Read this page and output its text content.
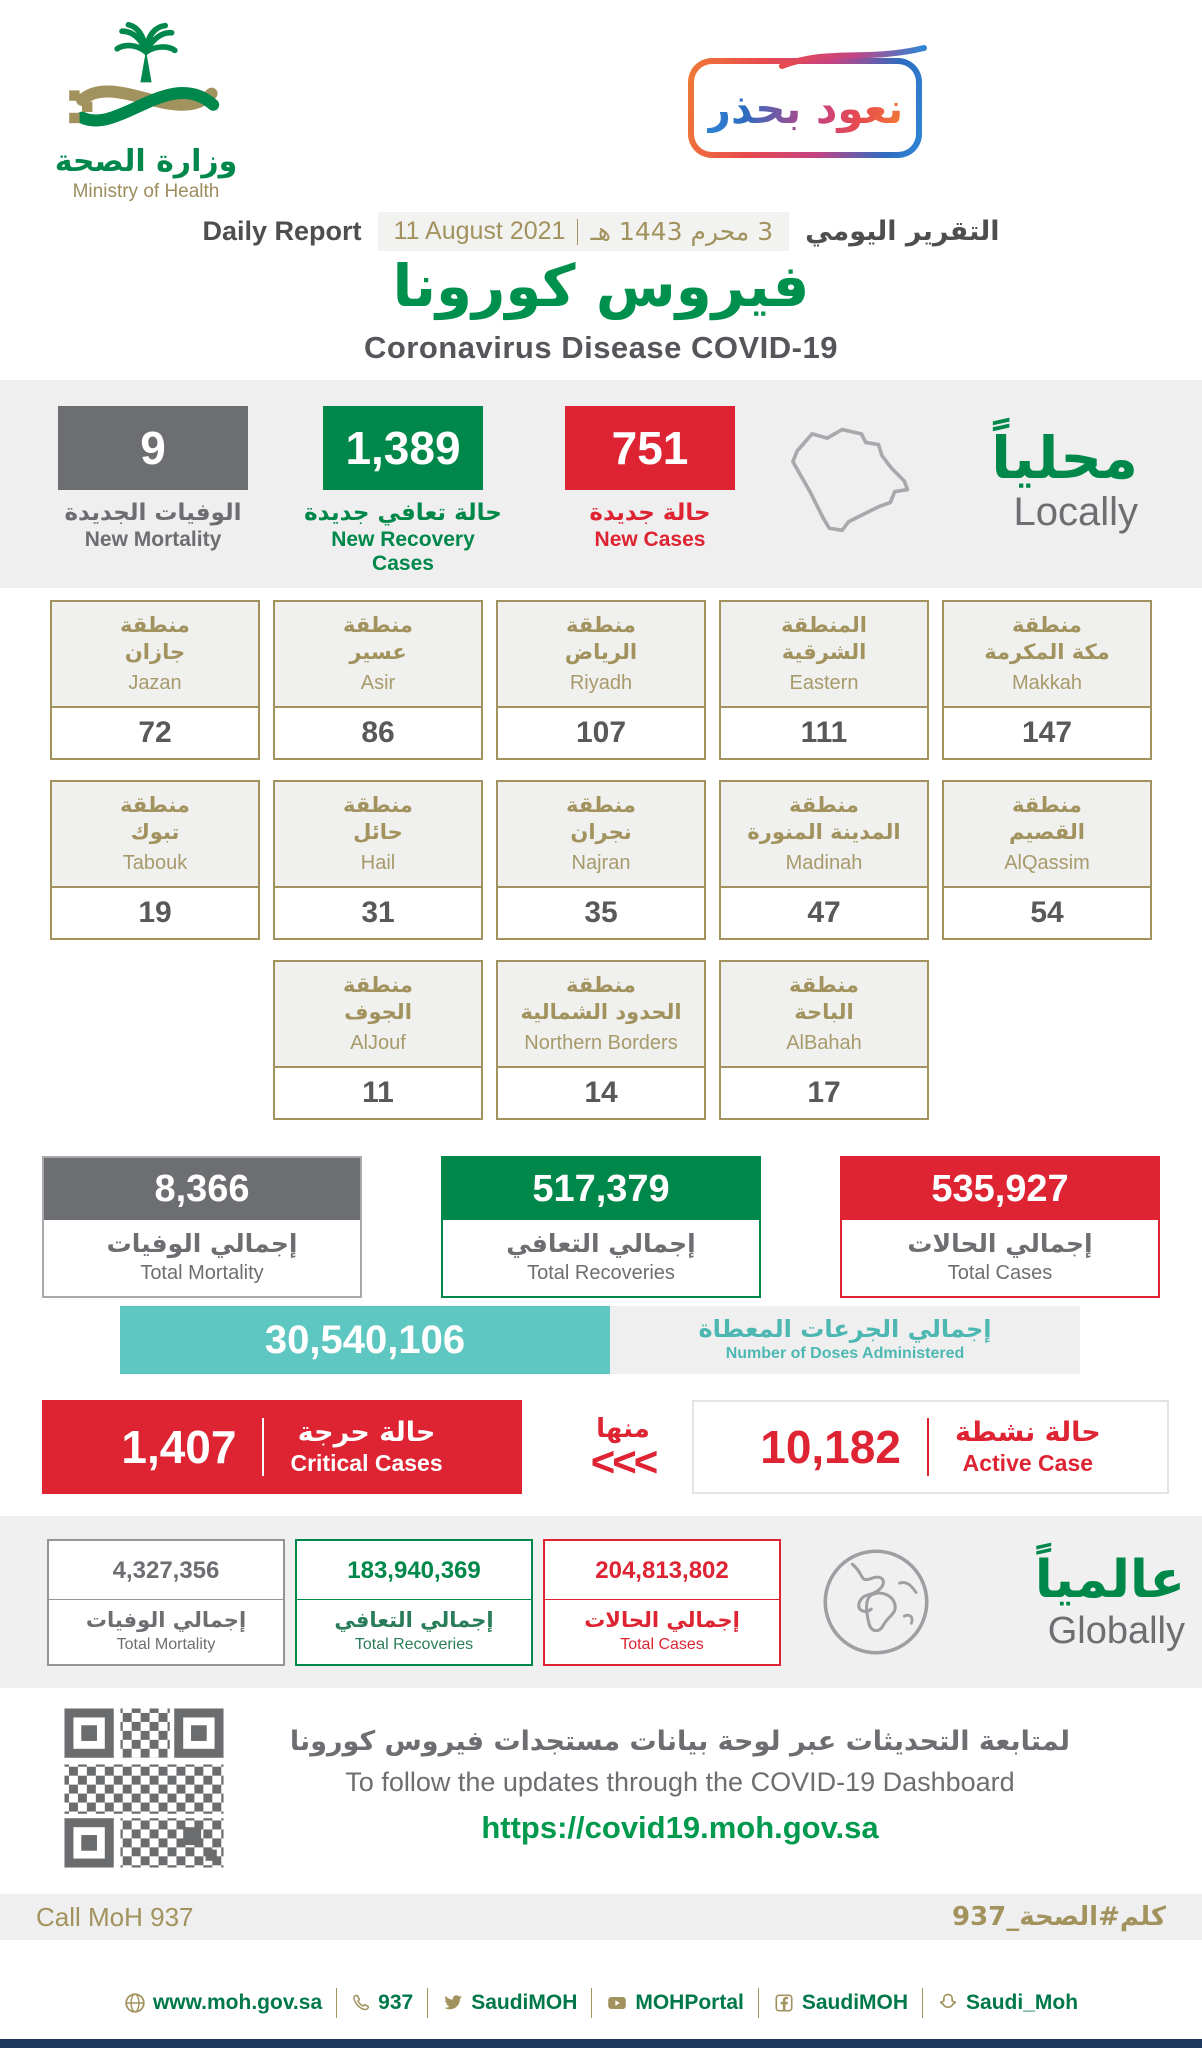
وزارة الصحة
Ministry of Health
نعود بحذر
Daily Report 11 August 2021 3 محرم 1443 هـ التقرير اليومي
فيروس كورونا
Coronavirus Disease COVID-19
9
الوفيات الجديدة
New Mortality
1,389
حالة تعافي جديدة
New Recovery Cases
751
حالة جديدة
New Cases
محلياً
Locally
منطقة
جازان
Jazan
72
منطقة
عسير
Asir
86
منطقة
الرياض
Riyadh
107
المنطقة
الشرقية
Eastern
111
منطقة
مكة المكرمة
Makkah
147
منطقة
تبوك
Tabouk
19
منطقة
حائل
Hail
31
منطقة
نجران
Najran
35
منطقة
المدينة المنورة
Madinah
47
منطقة
القصيم
AlQassim
54
منطقة
الجوف
AlJouf
11
منطقة
الحدود الشمالية
Northern Borders
14
منطقة
الباحة
AlBahah
17
8,366
إجمالي الوفيات
Total Mortality
517,379
إجمالي التعافي
Total Recoveries
535,927
إجمالي الحالات
Total Cases
30,540,106	إجمالي الجرعات المعطاة
Number of Doses Administered
1,407 حالة حرجة
Critical Cases
منها
<<<	10,182 حالة نشطة
Active Case
4,327,356
إجمالي الوفيات
Total Mortality
183,940,369
إجمالي التعافي
Total Recoveries
204,813,802
إجمالي الحالات
Total Cases
عالمياً
Globally
لمتابعة التحديثات عبر لوحة بيانات مستجدات فيروس كورونا
To follow the updates through the COVID-19 Dashboard
https://covid19.moh.gov.sa
Call MoH 937	كلم#الصحة_937
www.moh.gov.sa	937	SaudiMOH	MOHPortal	SaudiMOH	Saudi_Moh
